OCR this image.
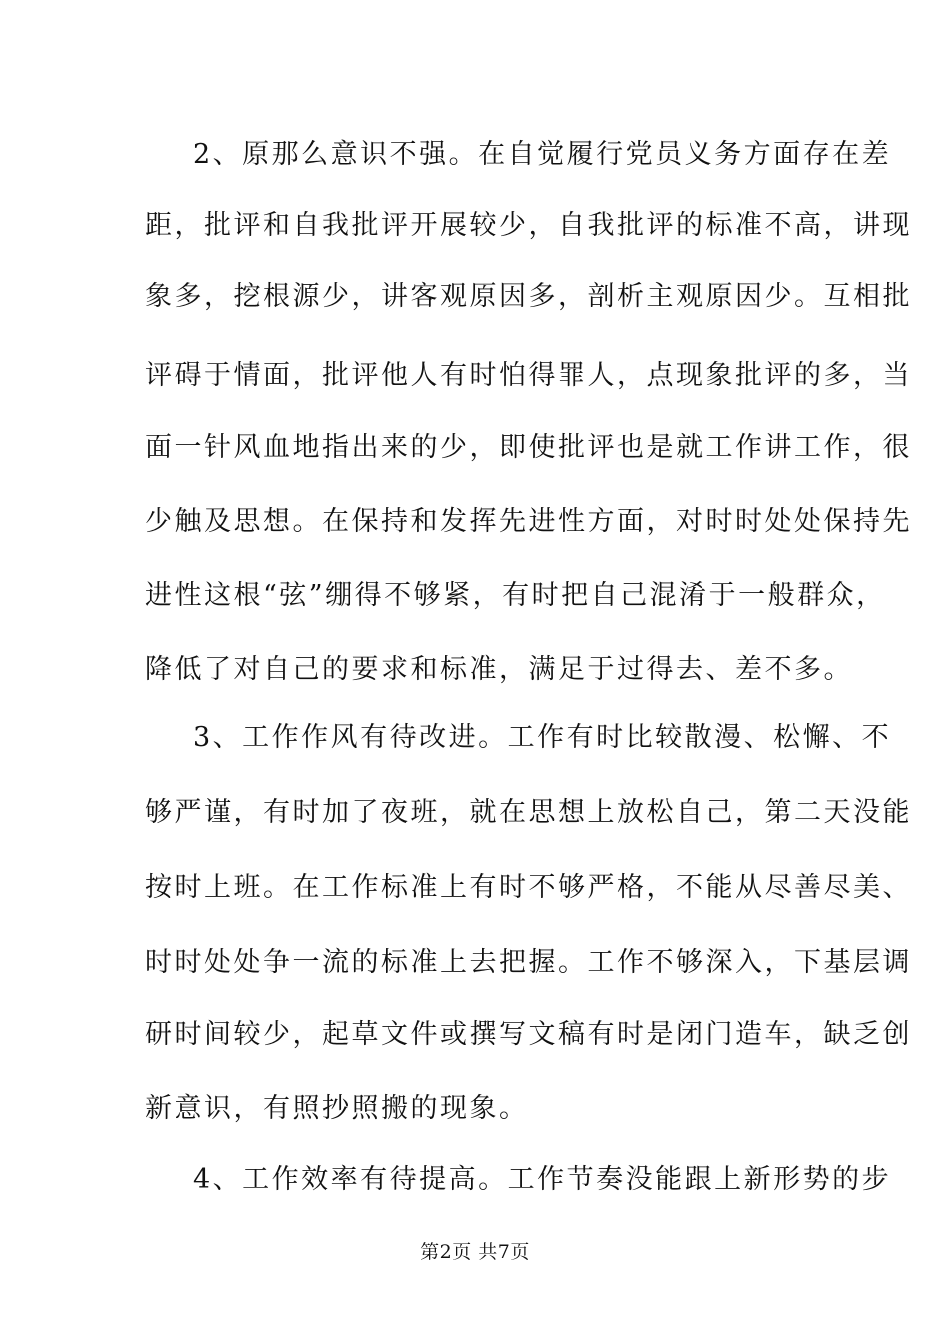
2、原那么意识不强。在自觉履行党员义务方面存在差
距，批评和自我批评开展较少，自我批评的标准不高，讲现
象多，挖根源少，讲客观原因多，剖析主观原因少。互相批
评碍于情面，批评他人有时怕得罪人，点现象批评的多，当
面一针风血地指出来的少，即使批评也是就工作讲工作，很
少触及思想。在保持和发挥先进性方面，对时时处处保持先
进性这根“弦”绷得不够紧，有时把自己混淆于一般群众，
降低了对自己的要求和标准，满足于过得去、差不多。
3、工作作风有待改进。工作有时比较散漫、松懈、不
够严谨，有时加了夜班，就在思想上放松自己，第二天没能
按时上班。在工作标准上有时不够严格，不能从尽善尽美、
时时处处争一流的标准上去把握。工作不够深入，下基层调
研时间较少，起草文件或撰写文稿有时是闭门造车，缺乏创
新意识，有照抄照搬的现象。
4、工作效率有待提高。工作节奏没能跟上新形势的步
第2页 共7页
